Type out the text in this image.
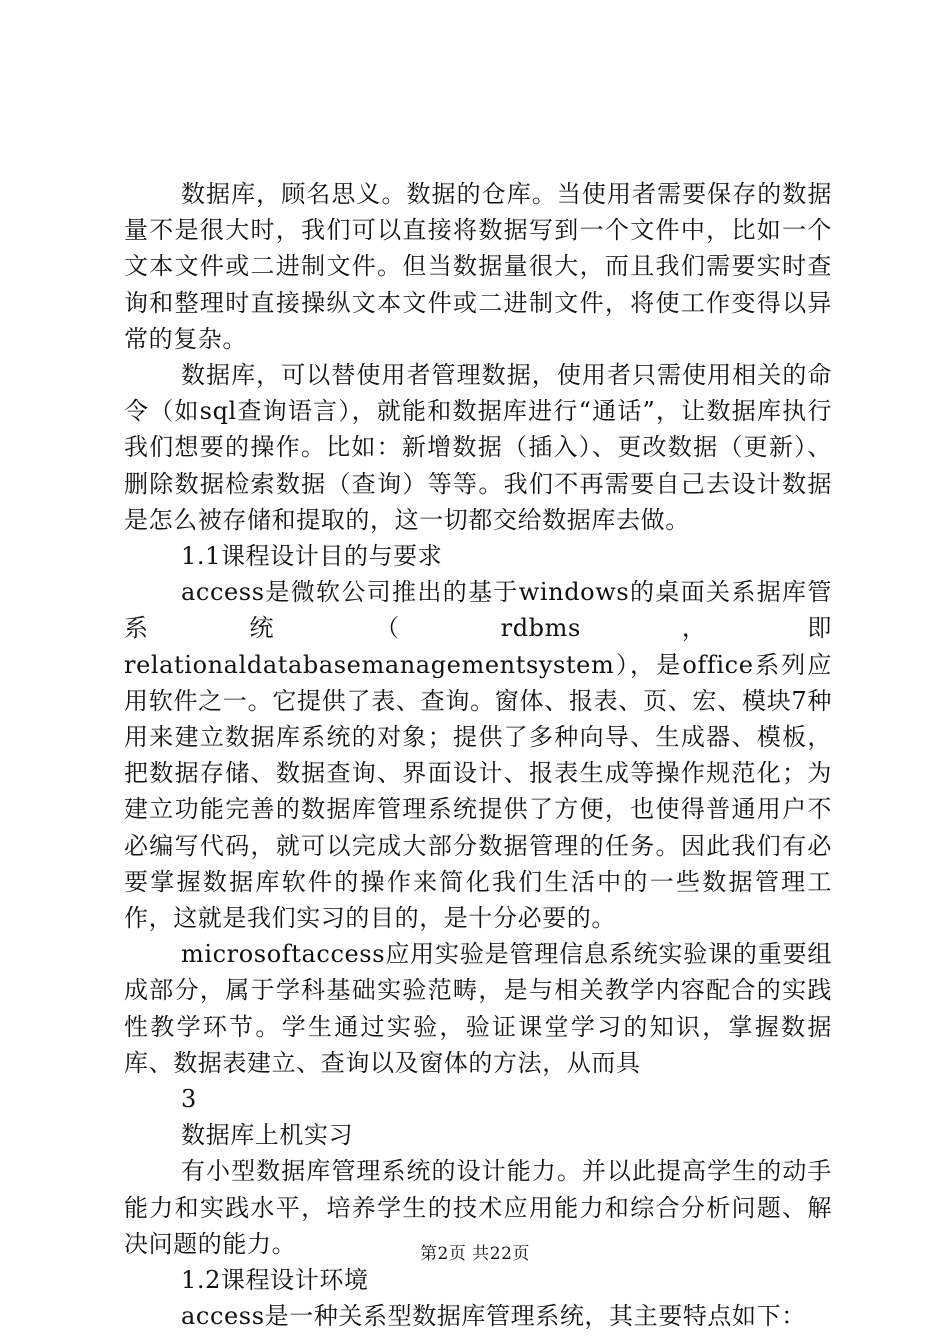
数据库，顾名思义。数据的仓库。当使用者需要保存的数据量不是很大时，我们可以直接将数据写到一个文件中，比如一个文本文件或二进制文件。但当数据量很大，而且我们需要实时查询和整理时直接操纵文本文件或二进制文件，将使工作变得以异常的复杂。

数据库，可以替使用者管理数据，使用者只需使用相关的命令（如sql查询语言），就能和数据库进行“通话”，让数据库执行我们想要的操作。比如：新增数据（插入）、更改数据（更新）、删除数据检索数据（查询）等等。我们不再需要自己去设计数据是怎么被存储和提取的，这一切都交给数据库去做。

1.1课程设计目的与要求

access是微软公司推出的基于windows的桌面关系据库管系统（rdbms，即relationaldatabasemanagementsystem），是office系列应用软件之一。它提供了表、查询。窗体、报表、页、宏、模块7种用来建立数据库系统的对象；提供了多种向导、生成器、模板，把数据存储、数据查询、界面设计、报表生成等操作规范化；为建立功能完善的数据库管理系统提供了方便，也使得普通用户不必编写代码，就可以完成大部分数据管理的任务。因此我们有必要掌握数据库软件的操作来简化我们生活中的一些数据管理工作，这就是我们实习的目的，是十分必要的。

microsoftaccess应用实验是管理信息系统实验课的重要组成部分，属于学科基础实验范畴，是与相关教学内容配合的实践性教学环节。学生通过实验，验证课堂学习的知识，掌握数据库、数据表建立、查询以及窗体的方法，从而具

3

数据库上机实习

有小型数据库管理系统的设计能力。并以此提高学生的动手能力和实践水平，培养学生的技术应用能力和综合分析问题、解决问题的能力。

1.2课程设计环境

access是一种关系型数据库管理系统，其主要特点如下：

第2页 共22页
